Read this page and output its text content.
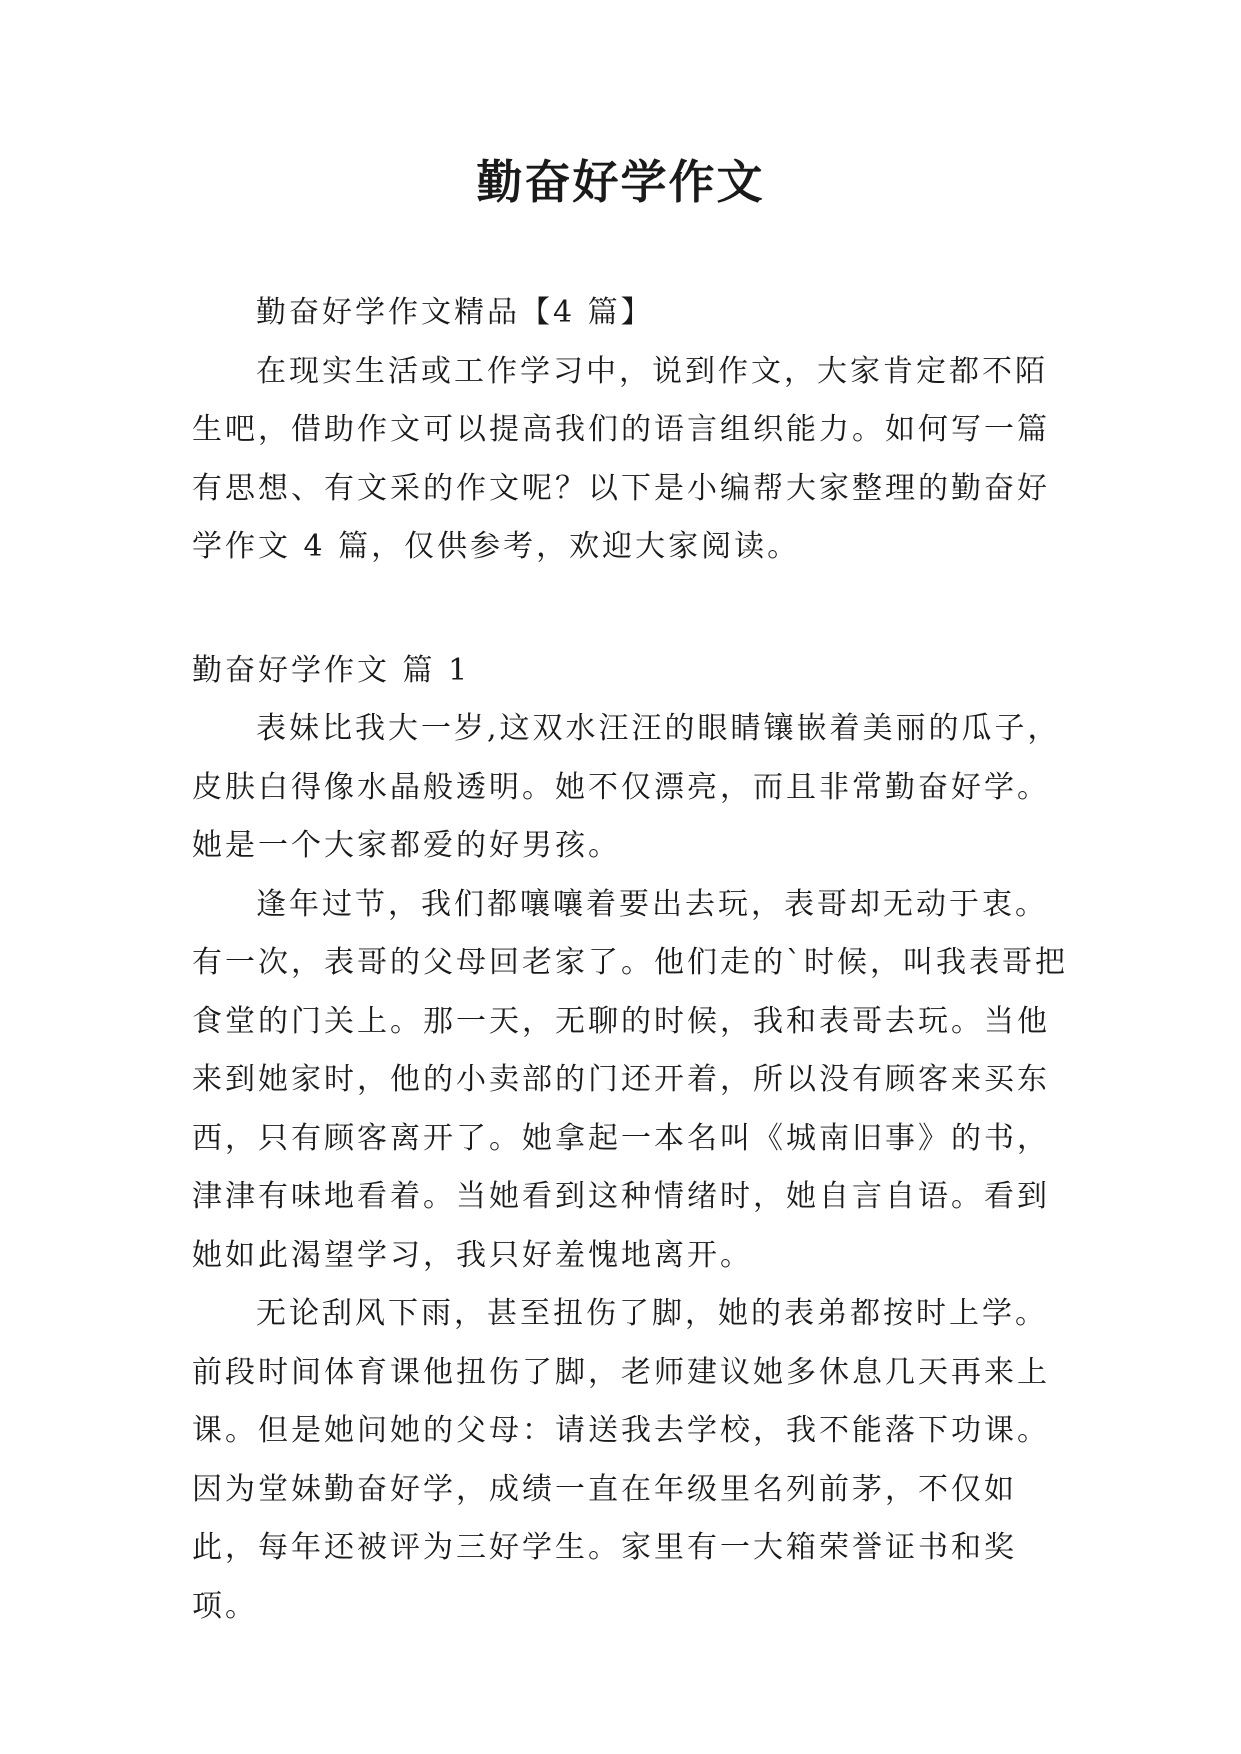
勤奋好学作文

勤奋好学作文精品【4 篇】

在现实生活或工作学习中，说到作文，大家肯定都不陌生吧，借助作文可以提高我们的语言组织能力。如何写一篇有思想、有文采的作文呢？以下是小编帮大家整理的勤奋好学作文 4 篇，仅供参考，欢迎大家阅读。

勤奋好学作文 篇 1

表妹比我大一岁,这双水汪汪的眼睛镶嵌着美丽的瓜子，皮肤白得像水晶般透明。她不仅漂亮，而且非常勤奋好学。她是一个大家都爱的好男孩。

逢年过节，我们都嚷嚷着要出去玩，表哥却无动于衷。有一次，表哥的父母回老家了。他们走的`时候，叫我表哥把食堂的门关上。那一天，无聊的时候，我和表哥去玩。当他来到她家时，他的小卖部的门还开着，所以没有顾客来买东西，只有顾客离开了。她拿起一本名叫《城南旧事》的书，津津有味地看着。当她看到这种情绪时，她自言自语。看到她如此渴望学习，我只好羞愧地离开。

无论刮风下雨，甚至扭伤了脚，她的表弟都按时上学。前段时间体育课他扭伤了脚，老师建议她多休息几天再来上课。但是她问她的父母：请送我去学校，我不能落下功课。因为堂妹勤奋好学，成绩一直在年级里名列前茅，不仅如此，每年还被评为三好学生。家里有一大箱荣誉证书和奖项。
